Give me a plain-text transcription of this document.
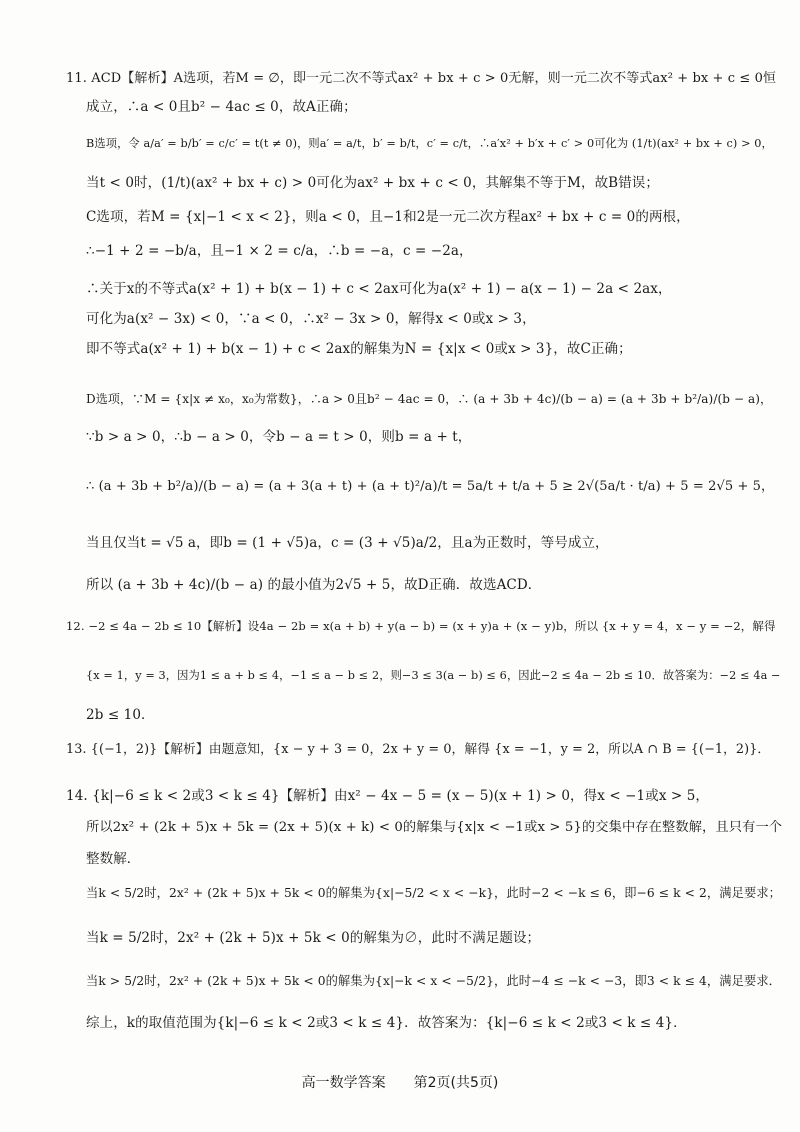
11. ACD【解析】A选项，若M = ∅，即一元二次不等式ax² + bx + c > 0无解，则一元二次不等式ax² + bx + c ≤ 0恒
成立，∴a < 0且b² − 4ac ≤ 0，故A正确；
B选项，令 a/a′ = b/b′ = c/c′ = t(t ≠ 0)，则a′ = a/t，b′ = b/t，c′ = c/t，∴a′x² + b′x + c′ > 0可化为 (1/t)(ax² + bx + c) > 0，
当t < 0时，(1/t)(ax² + bx + c) > 0可化为ax² + bx + c < 0，其解集不等于M，故B错误；
C选项，若M = {x|−1 < x < 2}，则a < 0，且−1和2是一元二次方程ax² + bx + c = 0的两根，
∴−1 + 2 = −b/a，且−1 × 2 = c/a，∴b = −a，c = −2a，
∴关于x的不等式a(x² + 1) + b(x − 1) + c < 2ax可化为a(x² + 1) − a(x − 1) − 2a < 2ax，
可化为a(x² − 3x) < 0，∵a < 0，∴x² − 3x > 0，解得x < 0或x > 3，
即不等式a(x² + 1) + b(x − 1) + c < 2ax的解集为N = {x|x < 0或x > 3}，故C正确；
D选项，∵M = {x|x ≠ x₀，x₀为常数}，∴a > 0且b² − 4ac = 0，∴ (a + 3b + 4c)/(b − a) = (a + 3b + b²/a)/(b − a)，
∵b > a > 0，∴b − a > 0，令b − a = t > 0，则b = a + t，
∴ (a + 3b + b²/a)/(b − a) = (a + 3(a + t) + (a + t)²/a)/t = 5a/t + t/a + 5 ≥ 2√(5a/t · t/a) + 5 = 2√5 + 5，
当且仅当t = √5 a，即b = (1 + √5)a，c = (3 + √5)a/2，且a为正数时，等号成立，
所以 (a + 3b + 4c)/(b − a) 的最小值为2√5 + 5，故D正确．故选ACD．
12. −2 ≤ 4a − 2b ≤ 10【解析】设4a − 2b = x(a + b) + y(a − b) = (x + y)a + (x − y)b，所以 {x + y = 4，x − y = −2，解得
{x = 1，y = 3，因为1 ≤ a + b ≤ 4，−1 ≤ a − b ≤ 2，则−3 ≤ 3(a − b) ≤ 6，因此−2 ≤ 4a − 2b ≤ 10．故答案为：−2 ≤ 4a −
2b ≤ 10．
13. {(−1，2)}【解析】由题意知，{x − y + 3 = 0，2x + y = 0，解得 {x = −1，y = 2，所以A ∩ B = {(−1，2)}．
14. {k|−6 ≤ k < 2或3 < k ≤ 4}【解析】由x² − 4x − 5 = (x − 5)(x + 1) > 0，得x < −1或x > 5，
所以2x² + (2k + 5)x + 5k = (2x + 5)(x + k) < 0的解集与{x|x < −1或x > 5}的交集中存在整数解，且只有一个
整数解．
当k < 5/2时，2x² + (2k + 5)x + 5k < 0的解集为{x|−5/2 < x < −k}，此时−2 < −k ≤ 6，即−6 ≤ k < 2，满足要求；
当k = 5/2时，2x² + (2k + 5)x + 5k < 0的解集为∅，此时不满足题设；
当k > 5/2时，2x² + (2k + 5)x + 5k < 0的解集为{x|−k < x < −5/2}，此时−4 ≤ −k < −3，即3 < k ≤ 4，满足要求．
综上，k的取值范围为{k|−6 ≤ k < 2或3 < k ≤ 4}．故答案为：{k|−6 ≤ k < 2或3 < k ≤ 4}．
高一数学答案　　第2页(共5页)
